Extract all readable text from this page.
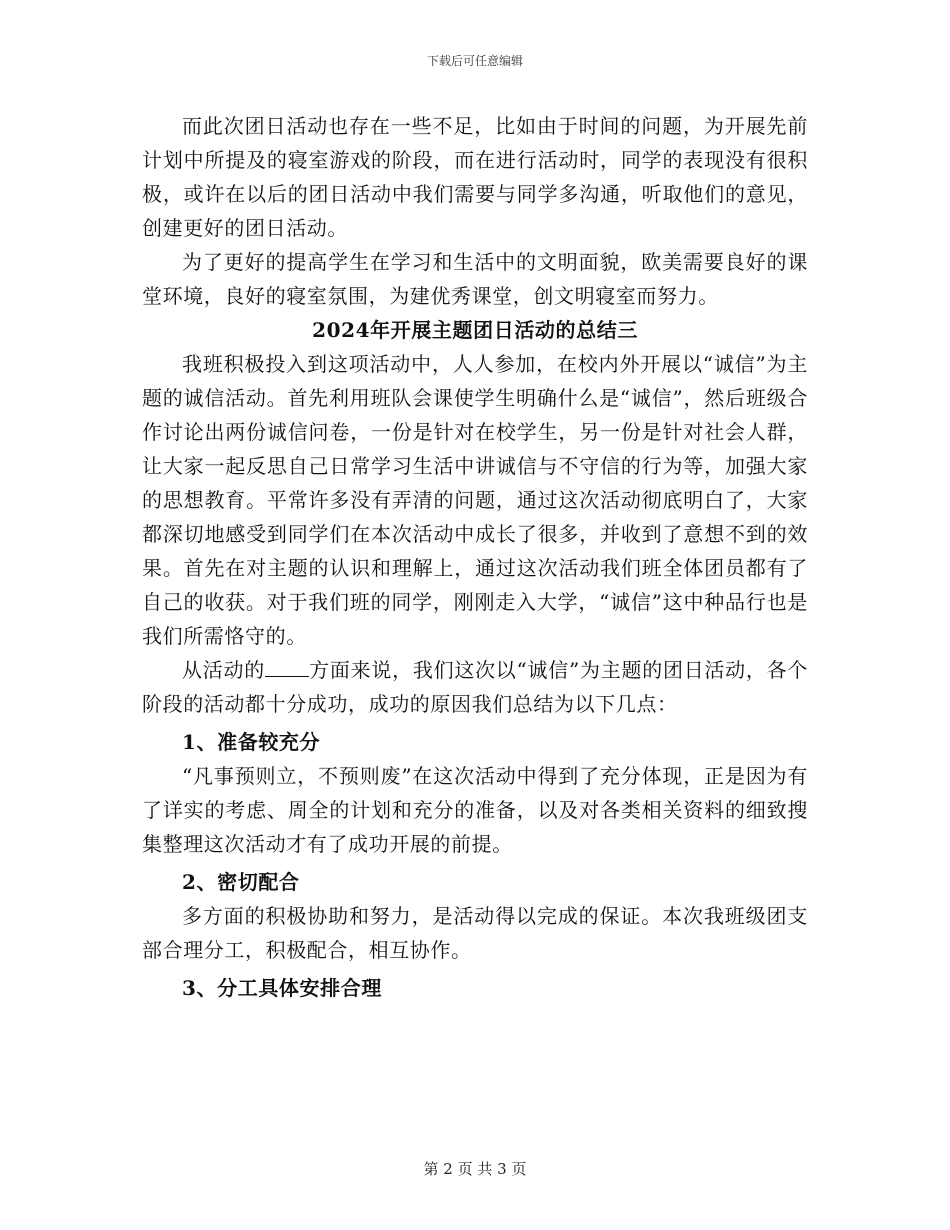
下载后可任意编辑

而此次团日活动也存在一些不足，比如由于时间的问题，为开展先前计划中所提及的寝室游戏的阶段，而在进行活动时，同学的表现没有很积极，或许在以后的团日活动中我们需要与同学多沟通，听取他们的意见，创建更好的团日活动。

为了更好的提高学生在学习和生活中的文明面貌，欧美需要良好的课堂环境，良好的寝室氛围，为建优秀课堂，创文明寝室而努力。

2024年开展主题团日活动的总结三

我班积极投入到这项活动中，人人参加，在校内外开展以“诚信”为主题的诚信活动。首先利用班队会课使学生明确什么是“诚信”，然后班级合作讨论出两份诚信问卷，一份是针对在校学生，另一份是针对社会人群，让大家一起反思自己日常学习生活中讲诚信与不守信的行为等，加强大家的思想教育。平常许多没有弄清的问题，通过这次活动彻底明白了，大家都深切地感受到同学们在本次活动中成长了很多，并收到了意想不到的效果。首先在对主题的认识和理解上，通过这次活动我们班全体团员都有了自己的收获。对于我们班的同学，刚刚走入大学，“诚信”这中种品行也是我们所需恪守的。

从活动的 方面来说，我们这次以“诚信”为主题的团日活动，各个阶段的活动都十分成功，成功的原因我们总结为以下几点：

1、准备较充分

“凡事预则立，不预则废”在这次活动中得到了充分体现，正是因为有了详实的考虑、周全的计划和充分的准备，以及对各类相关资料的细致搜集整理这次活动才有了成功开展的前提。

2、密切配合

多方面的积极协助和努力，是活动得以完成的保证。本次我班级团支部合理分工，积极配合，相互协作。

3、分工具体安排合理

第 2 页 共 3 页
